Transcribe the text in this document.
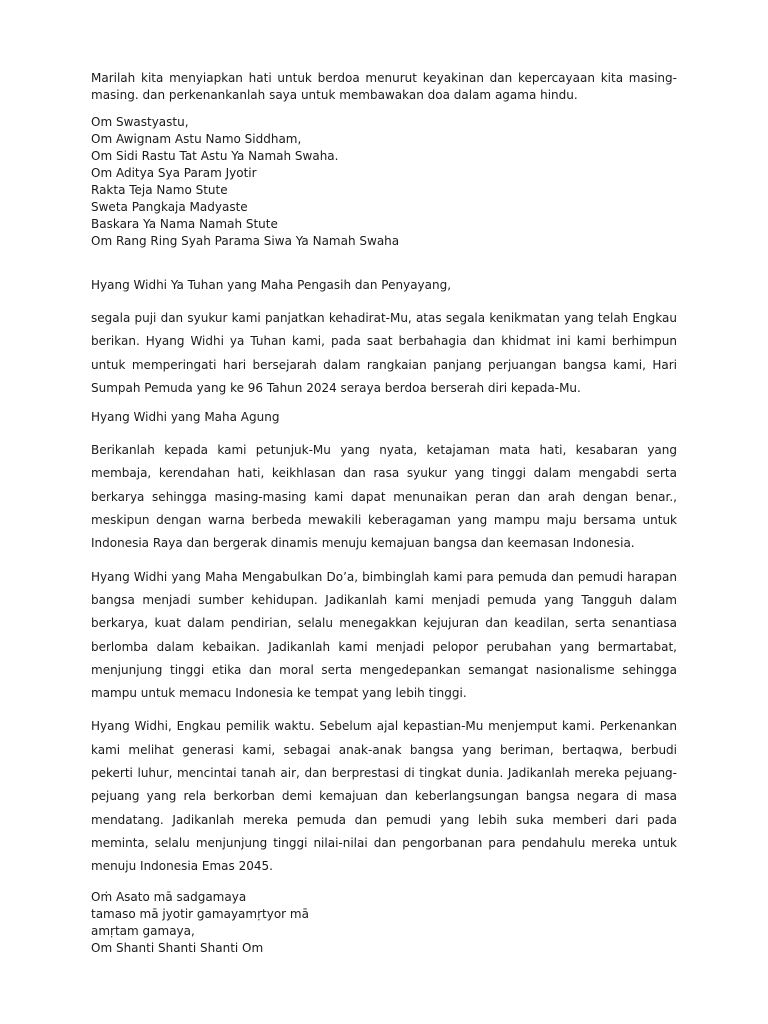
Marilah kita menyiapkan hati untuk berdoa menurut keyakinan dan kepercayaan kita masing-masing. dan perkenankanlah saya untuk membawakan doa dalam agama hindu.

Om Swastyastu,
Om Awignam Astu Namo Siddham,
Om Sidi Rastu Tat Astu Ya Namah Swaha.
Om Aditya Sya Param Jyotir
Rakta Teja Namo Stute
Sweta Pangkaja Madyaste
Baskara Ya Nama Namah Stute
Om Rang Ring Syah Parama Siwa Ya Namah Swaha

Hyang Widhi Ya Tuhan yang Maha Pengasih dan Penyayang,

segala puji dan syukur kami panjatkan kehadirat-Mu, atas segala kenikmatan yang telah Engkau berikan. Hyang Widhi ya Tuhan kami, pada saat berbahagia dan khidmat ini kami berhimpun untuk memperingati hari bersejarah dalam rangkaian panjang perjuangan bangsa kami, Hari Sumpah Pemuda yang ke 96 Tahun 2024 seraya berdoa berserah diri kepada-Mu.

Hyang Widhi yang Maha Agung

Berikanlah kepada kami petunjuk-Mu yang nyata, ketajaman mata hati, kesabaran yang membaja, kerendahan hati, keikhlasan dan rasa syukur yang tinggi dalam mengabdi serta berkarya sehingga masing-masing kami dapat menunaikan peran dan arah dengan benar., meskipun dengan warna berbeda mewakili keberagaman yang mampu maju bersama untuk Indonesia Raya dan bergerak dinamis menuju kemajuan bangsa dan keemasan Indonesia.

Hyang Widhi yang Maha Mengabulkan Do’a, bimbinglah kami para pemuda dan pemudi harapan bangsa menjadi sumber kehidupan. Jadikanlah kami menjadi pemuda yang Tangguh dalam berkarya, kuat dalam pendirian, selalu menegakkan kejujuran dan keadilan, serta senantiasa berlomba dalam kebaikan. Jadikanlah kami menjadi pelopor perubahan yang bermartabat, menjunjung tinggi etika dan moral serta mengedepankan semangat nasionalisme sehingga mampu untuk memacu Indonesia ke tempat yang lebih tinggi.

Hyang Widhi, Engkau pemilik waktu. Sebelum ajal kepastian-Mu menjemput kami. Perkenankan kami melihat generasi kami, sebagai anak-anak bangsa yang beriman, bertaqwa, berbudi pekerti luhur, mencintai tanah air, dan berprestasi di tingkat dunia. Jadikanlah mereka pejuang-pejuang yang rela berkorban demi kemajuan dan keberlangsungan bangsa negara di masa mendatang. Jadikanlah mereka pemuda dan pemudi yang lebih suka memberi dari pada meminta, selalu menjunjung tinggi nilai-nilai dan pengorbanan para pendahulu mereka untuk menuju Indonesia Emas 2045.

Oṁ Asato mā sadgamaya
tamaso mā jyotir gamayamṛtyor mā
amṛtam gamaya,
Om Shanti Shanti Shanti Om
